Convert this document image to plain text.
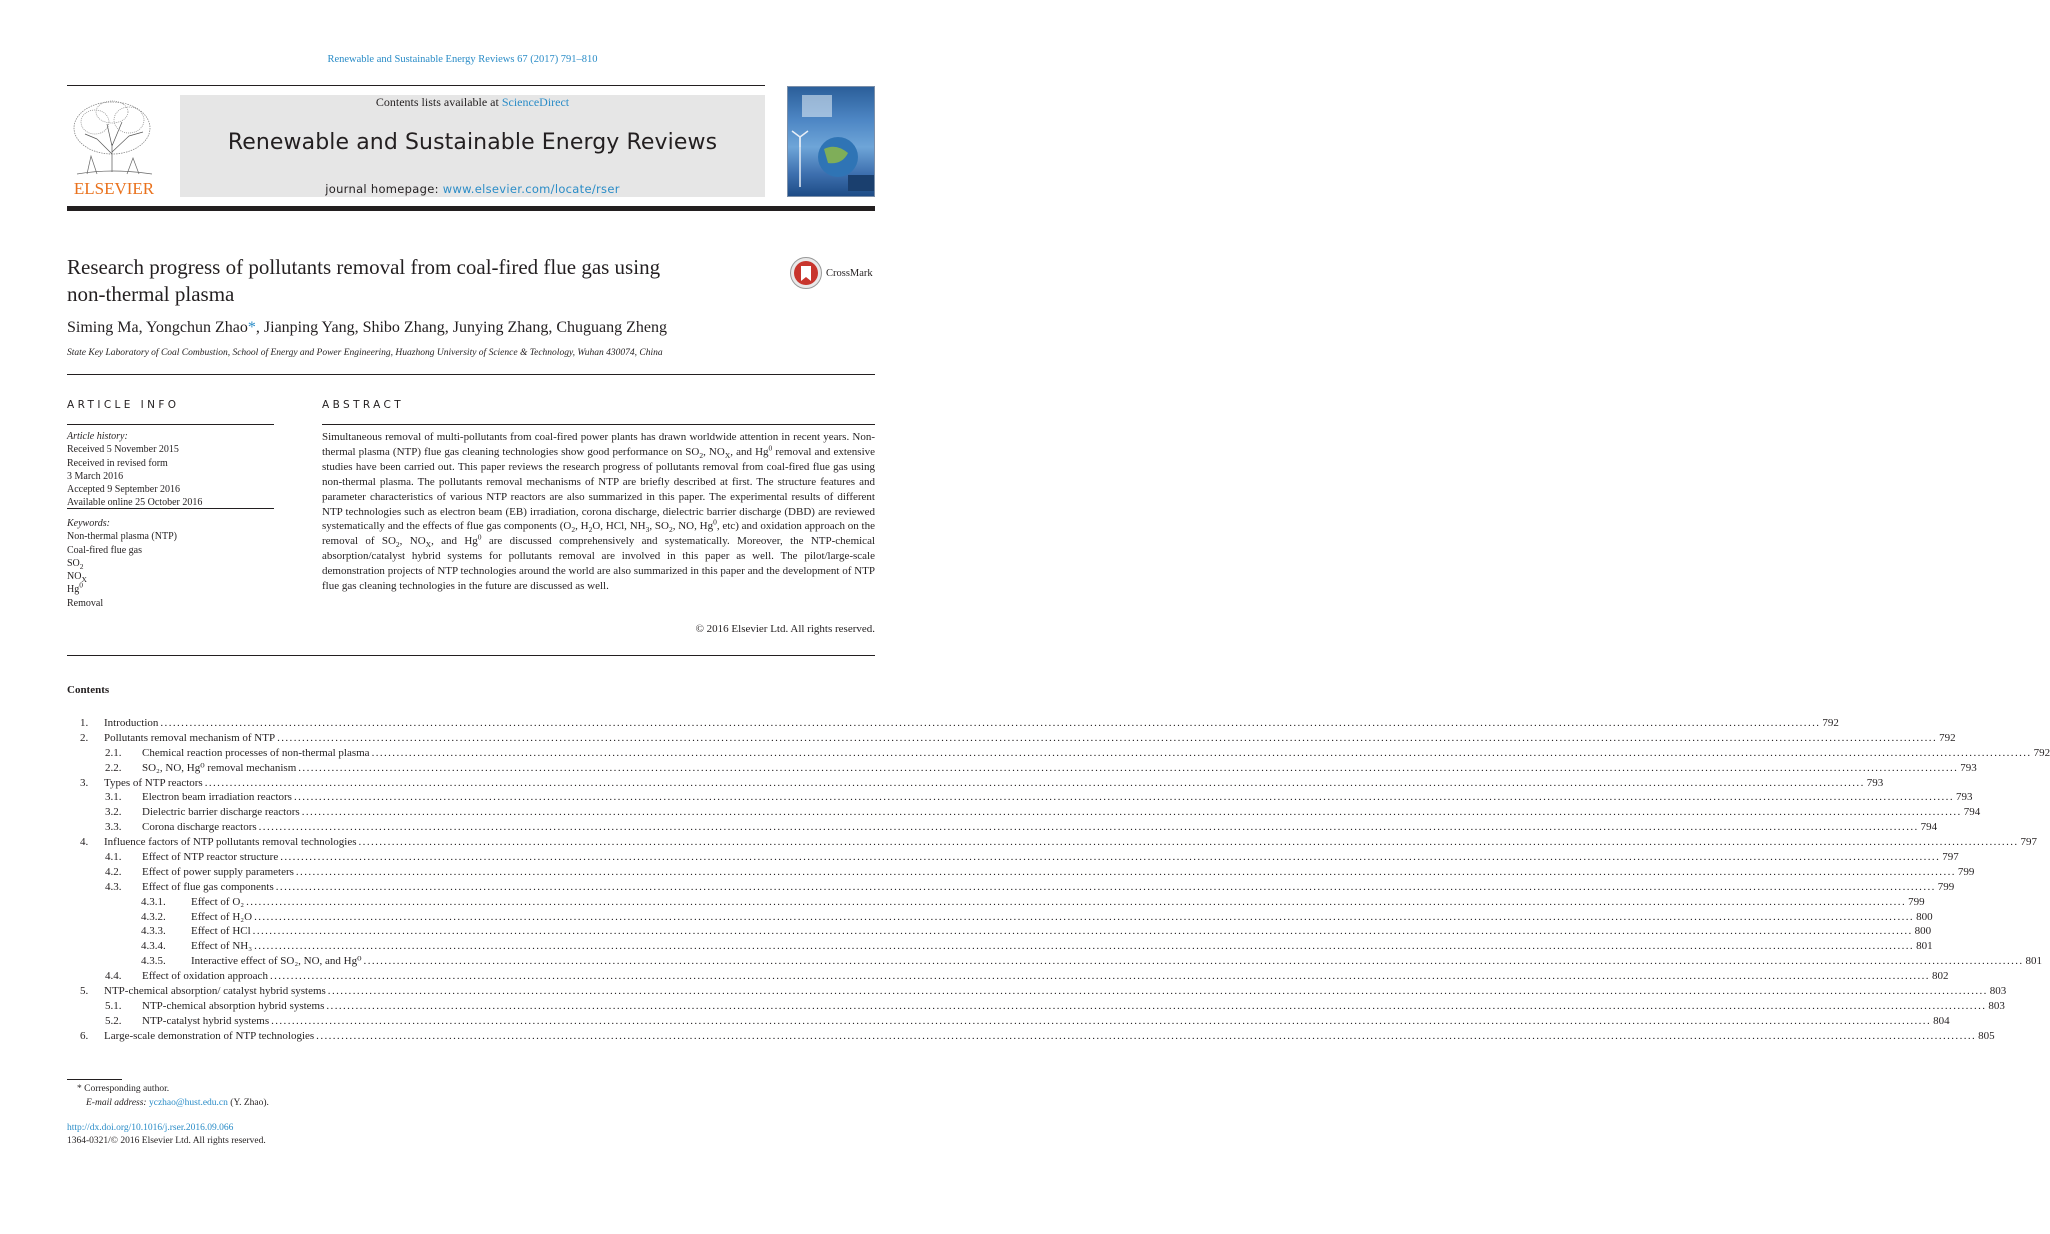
Renewable and Sustainable Energy Reviews 67 (2017) 791–810
ELSEVIER
Contents lists available at ScienceDirect
Renewable and Sustainable Energy Reviews
journal homepage: www.elsevier.com/locate/rser
Research progress of pollutants removal from coal-fired flue gas using
non-thermal plasma
CrossMark
Siming Ma, Yongchun Zhao*, Jianping Yang, Shibo Zhang, Junying Zhang, Chuguang Zheng
State Key Laboratory of Coal Combustion, School of Energy and Power Engineering, Huazhong University of Science & Technology, Wuhan 430074, China
ARTICLE INFO	ABSTRACT
Article history:
Received 5 November 2015
Received in revised form
3 March 2016
Accepted 9 September 2016
Available online 25 October 2016
Keywords:
Non-thermal plasma (NTP)
Coal-fired flue gas
$SO_2$
$NO_X$
Hg$^0$
Removal
Simultaneous removal of multi-pollutants from coal-fired power plants has drawn worldwide attention in recent years. Non-thermal plasma (NTP) flue gas cleaning technologies show good performance on $SO_2$, $NO_X$, and Hg$^0$ removal and extensive studies have been carried out. This paper reviews the research progress of pollutants removal from coal-fired flue gas using non-thermal plasma. The pollutants removal mechanisms of NTP are briefly described at first. The structure features and parameter characteristics of various NTP reactors are also summarized in this paper. The experimental results of different NTP technologies such as electron beam (EB) irradiation, corona discharge, dielectric barrier discharge (DBD) are reviewed systematically and the effects of flue gas components ($O_2$, $H_2O$, HCl, $NH_3$, $SO_2$, NO, Hg$^0$, etc) and oxidation approach on the removal of $SO_2$, $NO_X$, and Hg$^0$ are discussed comprehensively and systematically. Moreover, the NTP-chemical absorption/catalyst hybrid systems for pollutants removal are involved in this paper as well. The pilot/large-scale demonstration projects of NTP technologies around the world are also summarized in this paper and the development of NTP flue gas cleaning technologies in the future are discussed as well.
© 2016 Elsevier Ltd. All rights reserved.
Contents
1. Introduction ................................................................................................................................................................................................................................................................................................................................................................................................................ 792
2. Pollutants removal mechanism of NTP ................................................................................................................................................................................................................................................................................................................................................................................................................ 792
2.1. Chemical reaction processes of non-thermal plasma ................................................................................................................................................................................................................................................................................................................................................................................................................ 792
2.2. SO₂, NO, Hg⁰ removal mechanism ................................................................................................................................................................................................................................................................................................................................................................................................................ 793
3. Types of NTP reactors ................................................................................................................................................................................................................................................................................................................................................................................................................ 793
3.1. Electron beam irradiation reactors ................................................................................................................................................................................................................................................................................................................................................................................................................ 793
3.2. Dielectric barrier discharge reactors ................................................................................................................................................................................................................................................................................................................................................................................................................ 794
3.3. Corona discharge reactors ................................................................................................................................................................................................................................................................................................................................................................................................................ 794
4. Influence factors of NTP pollutants removal technologies ................................................................................................................................................................................................................................................................................................................................................................................................................ 797
4.1. Effect of NTP reactor structure ................................................................................................................................................................................................................................................................................................................................................................................................................ 797
4.2. Effect of power supply parameters ................................................................................................................................................................................................................................................................................................................................................................................................................ 799
4.3. Effect of flue gas components ................................................................................................................................................................................................................................................................................................................................................................................................................ 799
4.3.1. Effect of O₂ ................................................................................................................................................................................................................................................................................................................................................................................................................ 799
4.3.2. Effect of H₂O ................................................................................................................................................................................................................................................................................................................................................................................................................ 800
4.3.3. Effect of HCl ................................................................................................................................................................................................................................................................................................................................................................................................................ 800
4.3.4. Effect of NH₃ ................................................................................................................................................................................................................................................................................................................................................................................................................ 801
4.3.5. Interactive effect of SO₂, NO, and Hg⁰ ................................................................................................................................................................................................................................................................................................................................................................................................................ 801
4.4. Effect of oxidation approach ................................................................................................................................................................................................................................................................................................................................................................................................................ 802
5. NTP-chemical absorption/ catalyst hybrid systems ................................................................................................................................................................................................................................................................................................................................................................................................................ 803
5.1. NTP-chemical absorption hybrid systems ................................................................................................................................................................................................................................................................................................................................................................................................................ 803
5.2. NTP-catalyst hybrid systems ................................................................................................................................................................................................................................................................................................................................................................................................................ 804
6. Large-scale demonstration of NTP technologies ................................................................................................................................................................................................................................................................................................................................................................................................................ 805
* Corresponding author.
E-mail address: yczhao@hust.edu.cn (Y. Zhao).
http://dx.doi.org/10.1016/j.rser.2016.09.066
1364-0321/© 2016 Elsevier Ltd. All rights reserved.
